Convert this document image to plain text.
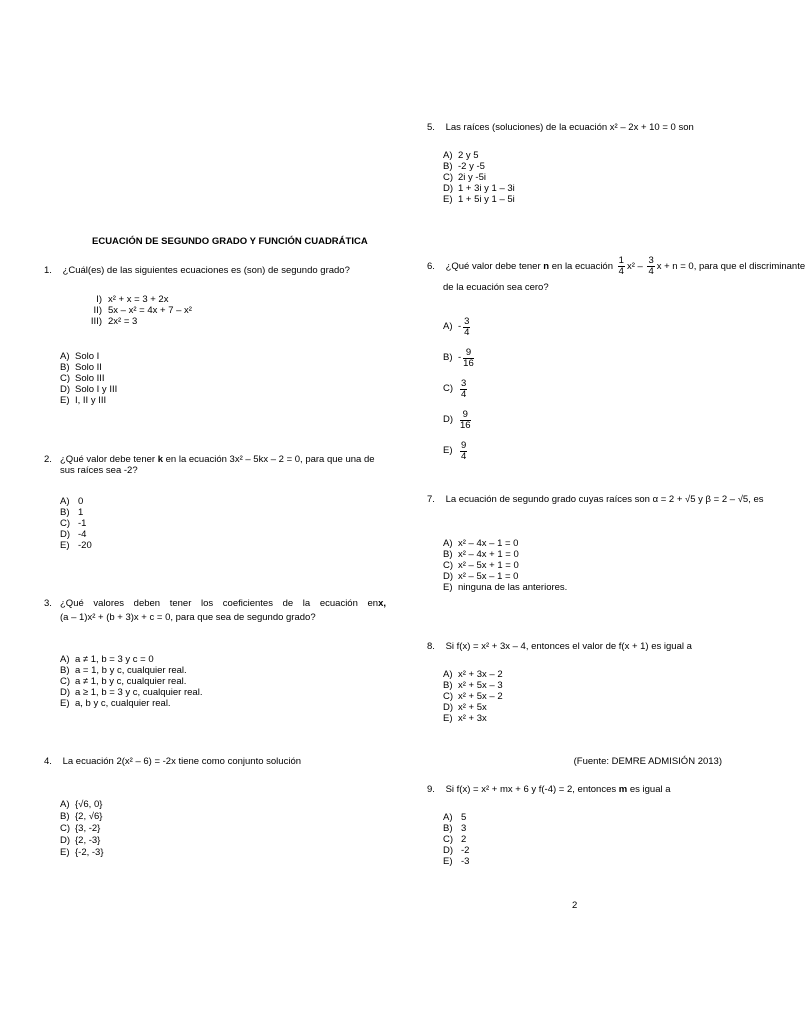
ECUACIÓN DE SEGUNDO GRADO Y FUNCIÓN CUADRÁTICA
1. ¿Cuál(es) de las siguientes ecuaciones es (son) de segundo grado?
I) x² + x = 3 + 2x
II) 5x – x² = 4x + 7 – x²
III) 2x² = 3
A) Solo I
B) Solo II
C) Solo III
D) Solo I y III
E) I, II y III
2. ¿Qué valor debe tener k en la ecuación 3x² – 5kx – 2 = 0, para que una de sus raíces sea -2?
A) 0
B) 1
C) -1
D) -4
E) -20
3. ¿Qué valores deben tener los coeficientes de la ecuación en x,
(a – 1)x² + (b + 3)x + c = 0, para que sea de segundo grado?
A) a ≠ 1, b = 3 y c = 0
B) a = 1, b y c, cualquier real.
C) a ≠ 1, b y c, cualquier real.
D) a ≥ 1, b = 3 y c, cualquier real.
E) a, b y c, cualquier real.
4. La ecuación 2(x² – 6) = -2x tiene como conjunto solución
A) {√6, 0}
B) {2, √6}
C) {3, -2}
D) {2, -3}
E) {-2, -3}
5. Las raíces (soluciones) de la ecuación x² – 2x + 10 = 0 son
A) 2 y 5
B) -2 y -5
C) 2i y -5i
D) 1 + 3i y 1 – 3i
E) 1 + 5i y 1 – 5i
6. ¿Qué valor debe tener n en la ecuación $\frac{1}{4} x^2 - \frac{3}{4}$ x + n = 0, para que el discriminante
de la ecuación sea cero?
$A) - \frac{3}{4}$
$B) - \frac{9}{16}$
$C) \frac{3}{4}$
$D) \frac{9}{16}$
$E) \frac{9}{4}$
7. La ecuación de segundo grado cuyas raíces son α = 2 + √5 y β = 2 – √5, es
A) x² – 4x – 1 = 0
B) x² – 4x + 1 = 0
C) x² – 5x + 1 = 0
D) x² – 5x – 1 = 0
E) ninguna de las anteriores.
8. Si f(x) = x² + 3x – 4, entonces el valor de f(x + 1) es igual a
A) x² + 3x – 2
B) x² + 5x – 3
C) x² + 5x – 2
D) x² + 5x
E) x² + 3x
(Fuente: DEMRE ADMISIÓN 2013)
9. Si f(x) = x² + mx + 6 y f(-4) = 2, entonces m es igual a
A) 5
B) 3
C) 2
D) -2
E) -3
2
